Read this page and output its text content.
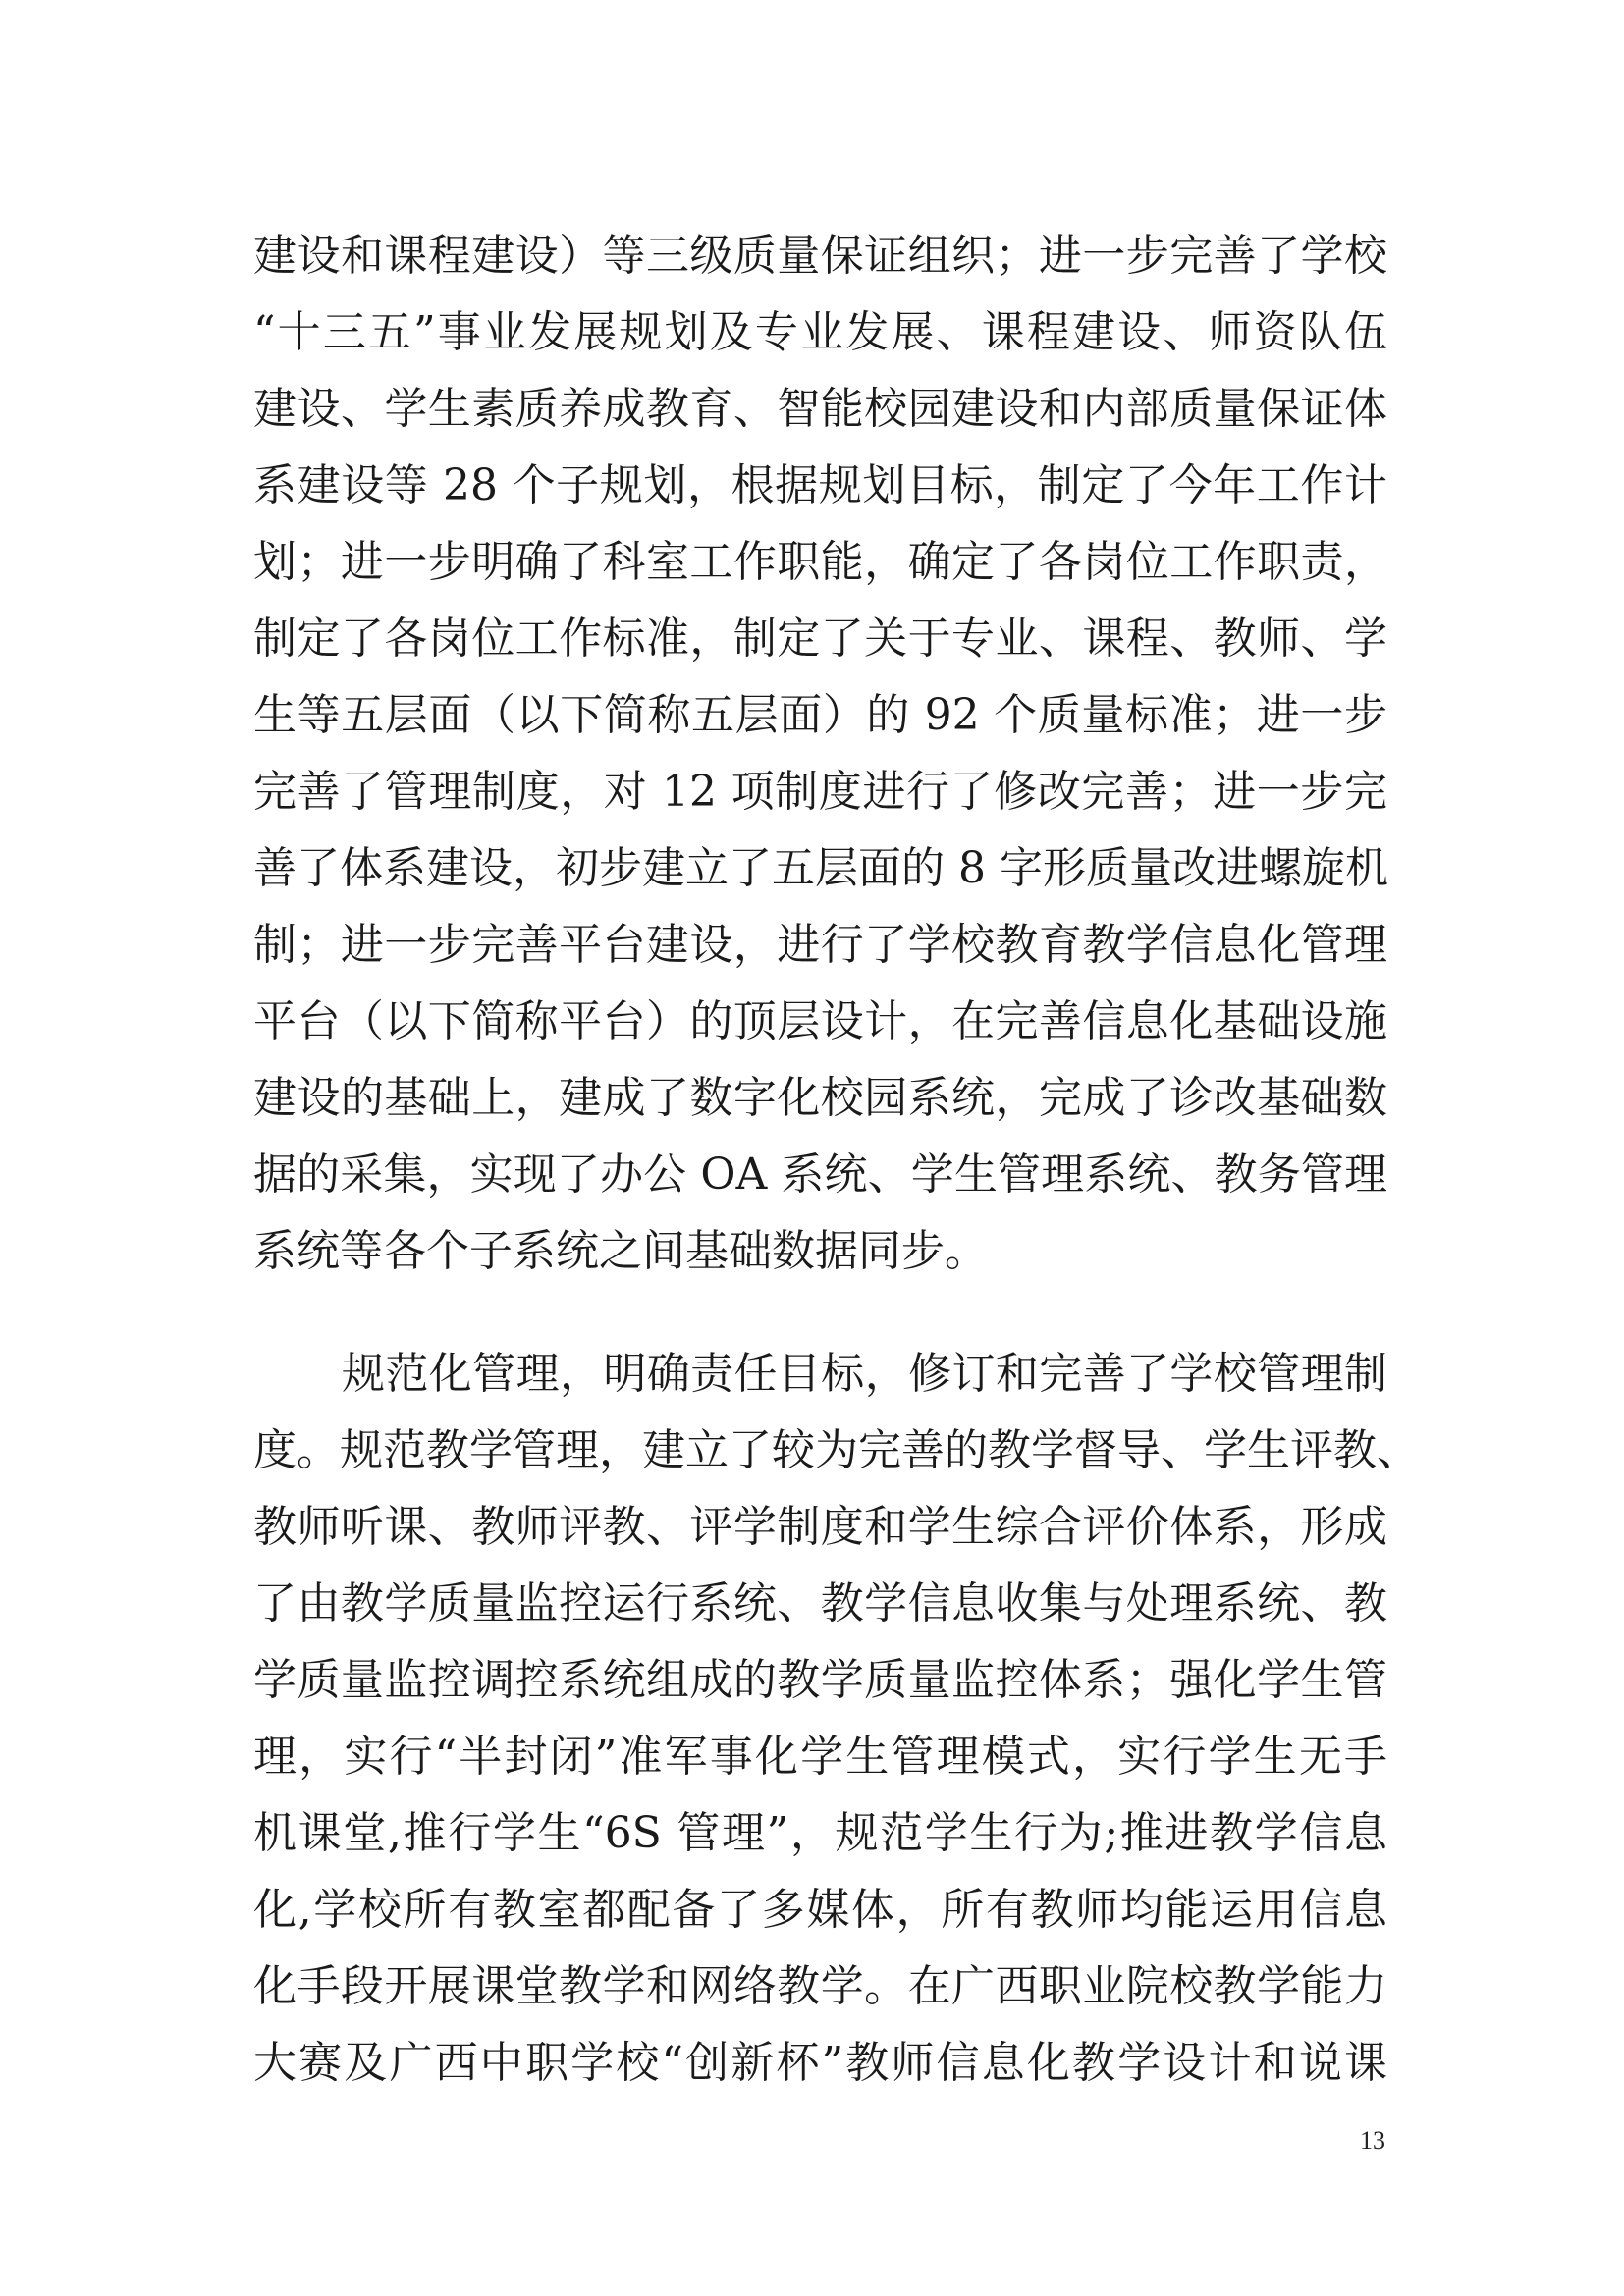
建设和课程建设）等三级质量保证组织；进一步完善了学校
“十三五”事业发展规划及专业发展、课程建设、师资队伍
建设、学生素质养成教育、智能校园建设和内部质量保证体
系建设等 28 个子规划，根据规划目标，制定了今年工作计
划；进一步明确了科室工作职能，确定了各岗位工作职责，
制定了各岗位工作标准，制定了关于专业、课程、教师、学
生等五层面（以下简称五层面）的 92 个质量标准；进一步
完善了管理制度，对 12 项制度进行了修改完善；进一步完
善了体系建设，初步建立了五层面的 8 字形质量改进螺旋机
制；进一步完善平台建设，进行了学校教育教学信息化管理
平台（以下简称平台）的顶层设计，在完善信息化基础设施
建设的基础上，建成了数字化校园系统，完成了诊改基础数
据的采集，实现了办公 OA 系统、学生管理系统、教务管理
系统等各个子系统之间基础数据同步。

规范化管理，明确责任目标，修订和完善了学校管理制
度。规范教学管理，建立了较为完善的教学督导、学生评教、
教师听课、教师评教、评学制度和学生综合评价体系，形成
了由教学质量监控运行系统、教学信息收集与处理系统、教
学质量监控调控系统组成的教学质量监控体系；强化学生管
理，实行“半封闭”准军事化学生管理模式，实行学生无手
机课堂,推行学生“6S 管理”，规范学生行为;推进教学信息
化,学校所有教室都配备了多媒体，所有教师均能运用信息
化手段开展课堂教学和网络教学。在广西职业院校教学能力
大赛及广西中职学校“创新杯”教师信息化教学设计和说课

13
